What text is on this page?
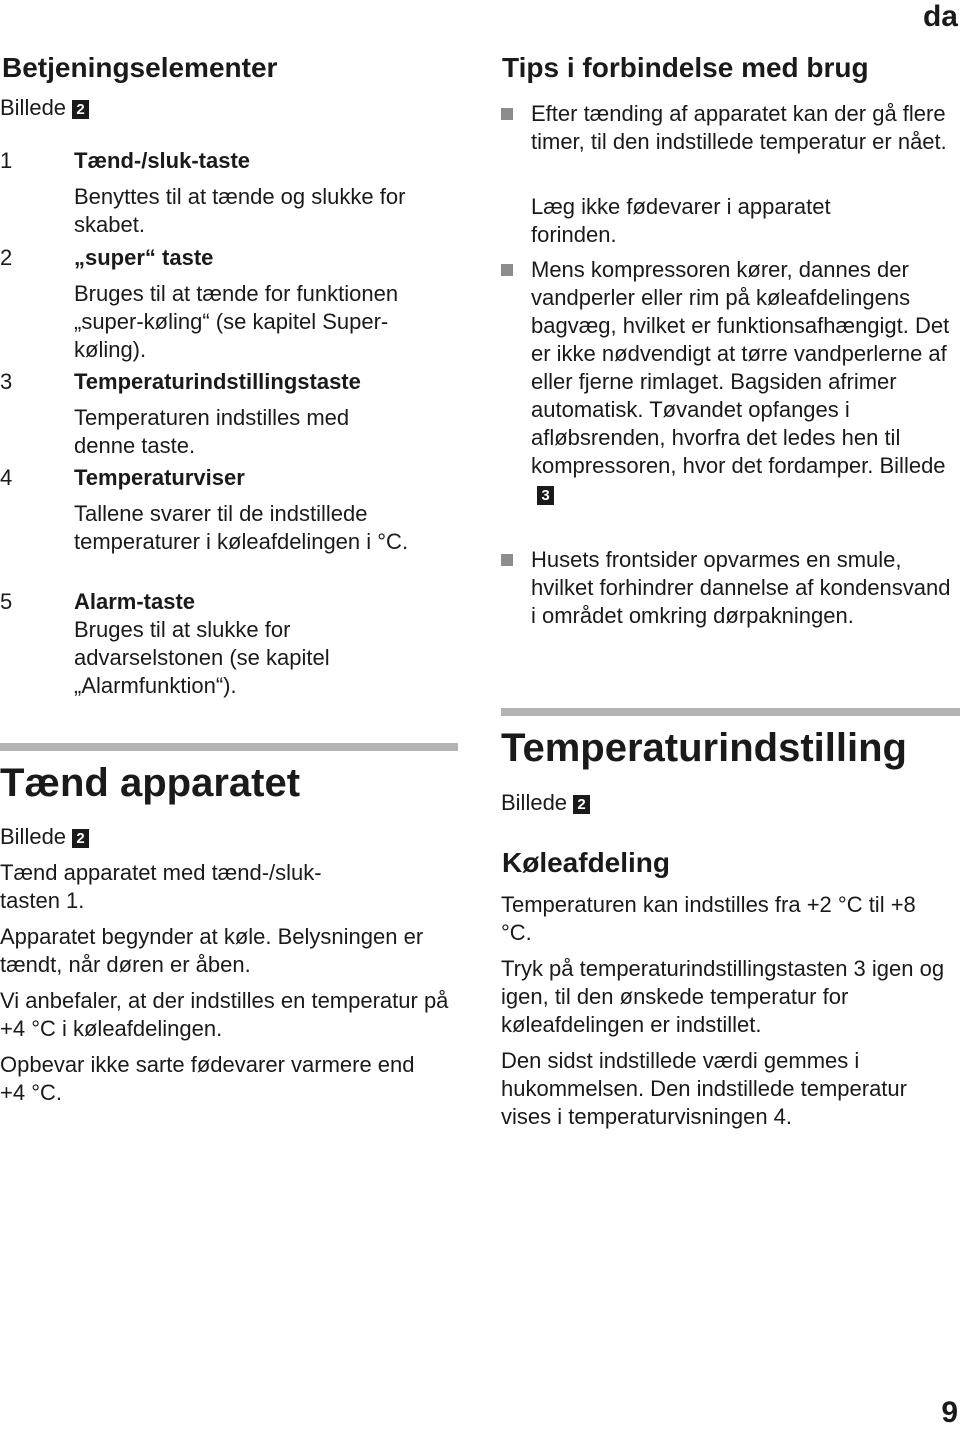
da
9
Betjeningselementer
Billede 2
1	Tænd-/sluk-taste
Benyttes til at tænde og slukke for skabet.
2	„super“ taste
Bruges til at tænde for funktionen „super-køling“ (se kapitel Super-køling).
3	Temperaturindstillingstaste
Temperaturen indstilles med denne taste.
4	Temperaturviser
Tallene svarer til de indstillede temperaturer i køleafdelingen i °C.
5	Alarm-taste
Bruges til at slukke for advarselstonen (se kapitel „Alarmfunktion“).
Tænd apparatet
Billede 2

Tænd apparatet med tænd-/sluk-tasten 1.

Apparatet begynder at køle. Belysningen er tændt, når døren er åben.

Vi anbefaler, at der indstilles en temperatur på +4 °C i køleafdelingen.

Opbevar ikke sarte fødevarer varmere end +4 °C.

Tips i forbindelse med brug
Efter tænding af apparatet kan der gå flere timer, til den indstillede temperatur er nået.
Læg ikke fødevarer i apparatet forinden.
Mens kompressoren kører, dannes der vandperler eller rim på køleafdelingens bagvæg, hvilket er funktionsafhængigt. Det er ikke nødvendigt at tørre vandperlerne af eller fjerne rimlaget. Bagsiden afrimer automatisk. Tøvandet opfanges i afløbsrenden, hvorfra det ledes hen til kompressoren, hvor det fordamper. Billede3
Husets frontsider opvarmes en smule, hvilket forhindrer dannelse af kondensvand i området omkring dørpakningen.
Temperaturindstilling
Billede 2
Køleafdeling

Temperaturen kan indstilles fra +2 °C til +8 °C.

Tryk på temperaturindstillingstasten 3 igen og igen, til den ønskede temperatur for køleafdelingen er indstillet.

Den sidst indstillede værdi gemmes i hukommelsen. Den indstillede temperatur vises i temperaturvisningen 4.
